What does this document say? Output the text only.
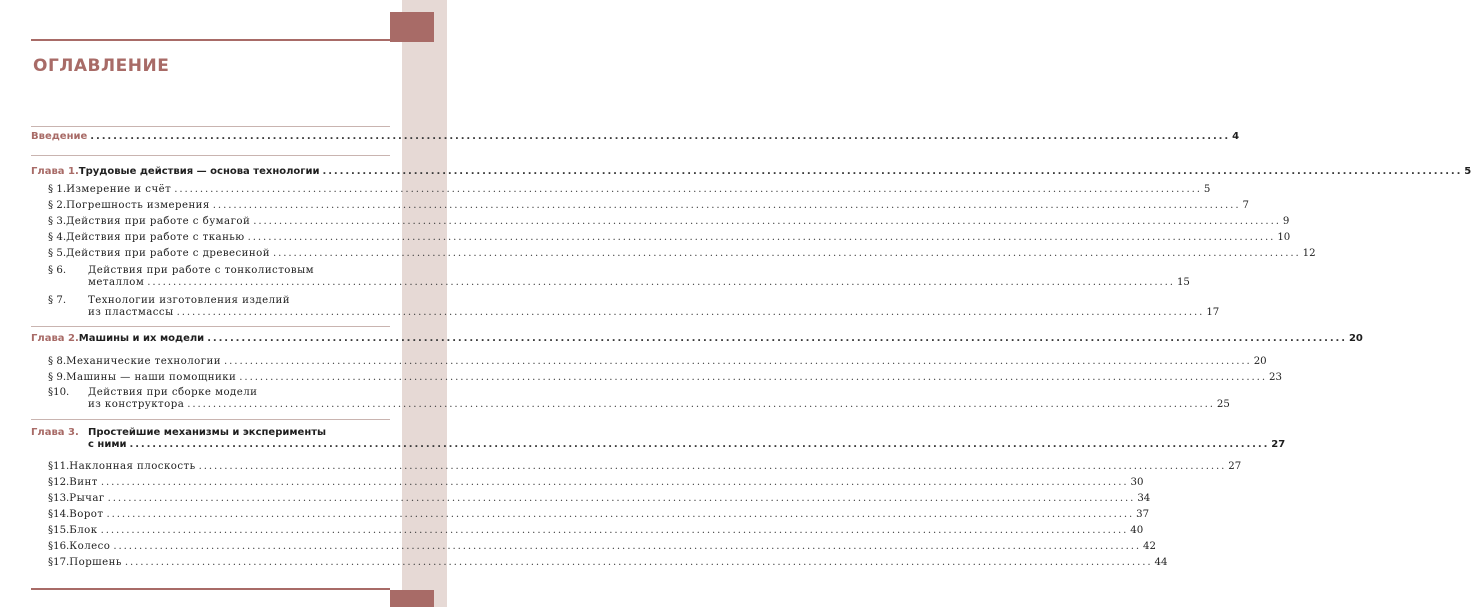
ОГЛАВЛЕНИЕ
Введение ........................................................................................................................................................................................................ 4
Глава 1. Трудовые действия — основа технологии ........................................................................................................................................................................................................ 5
§ 1. Измерение и счёт ........................................................................................................................................................................................................ 5
§ 2. Погрешность измерения ........................................................................................................................................................................................................ 7
§ 3. Действия при работе с бумагой ........................................................................................................................................................................................................ 9
§ 4. Действия при работе с тканью ........................................................................................................................................................................................................ 10
§ 5. Действия при работе с древесиной ........................................................................................................................................................................................................ 12
§ 6.	Действия при работе с тонколистовым
металлом ........................................................................................................................................................................................................ 15
§ 7.	Технологии изготовления изделий
из пластмассы ........................................................................................................................................................................................................ 17
Глава 2. Машины и их модели ........................................................................................................................................................................................................ 20
§ 8. Механические технологии ........................................................................................................................................................................................................ 20
§ 9. Машины — наши помощники ........................................................................................................................................................................................................ 23
§10.	Действия при сборке модели
из конструктора ........................................................................................................................................................................................................ 25
Глава 3. Простейшие механизмы и эксперименты
с ними ........................................................................................................................................................................................................ 27
§11. Наклонная плоскость ........................................................................................................................................................................................................ 27
§12. Винт ........................................................................................................................................................................................................ 30
§13. Рычаг ........................................................................................................................................................................................................ 34
§14. Ворот ........................................................................................................................................................................................................ 37
§15. Блок ........................................................................................................................................................................................................ 40
§16. Колесо ........................................................................................................................................................................................................ 42
§17. Поршень ........................................................................................................................................................................................................ 44
